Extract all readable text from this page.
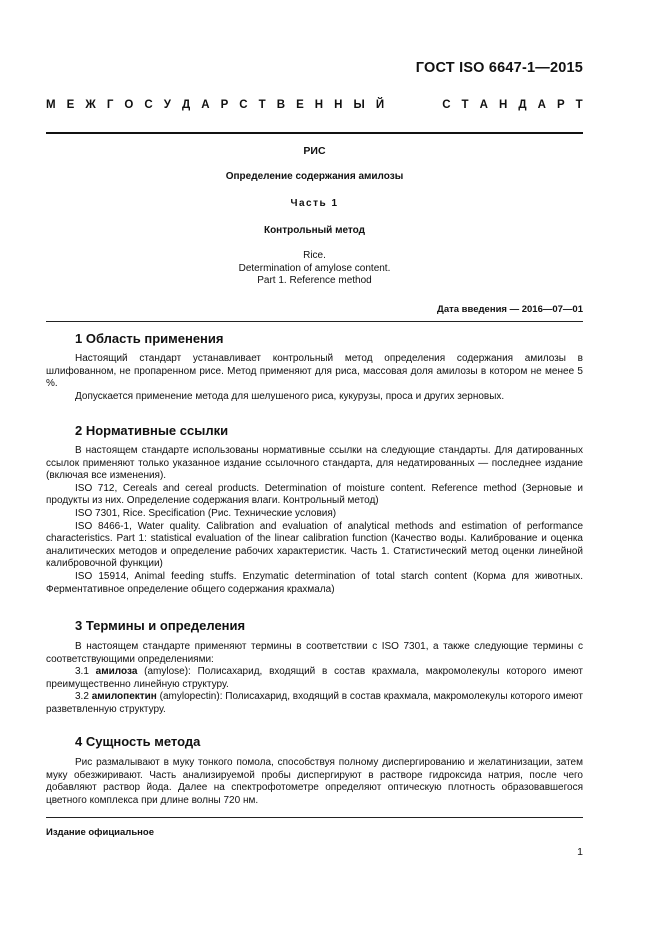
ГОСТ ISO 6647-1—2015
М Е Ж Г О С У Д А Р С Т В Е Н Н Ы Й	С Т А Н Д А Р Т
РИС
Определение содержания амилозы
Часть 1
Контрольный метод
Rice.
Determination of amylose content.
Part 1. Reference method
Дата введения — 2016—07—01
1 Область применения

Настоящий стандарт устанавливает контрольный метод определения содержания амилозы в шлифованном, не пропаренном рисе. Метод применяют для риса, массовая доля амилозы в котором не менее 5 %.

Допускается применение метода для шелушеного риса, кукурузы, проса и других зерновых.

2 Нормативные ссылки

В настоящем стандарте использованы нормативные ссылки на следующие стандарты. Для датированных ссылок применяют только указанное издание ссылочного стандарта, для недатированных — последнее издание (включая все изменения).

ISO 712, Cereals and cereal products. Determination of moisture content. Reference method (Зерновые и продукты из них. Определение содержания влаги. Контрольный метод)

ISO 7301, Rice. Specification (Рис. Технические условия)

ISO 8466-1, Water quality. Calibration and evaluation of analytical methods and estimation of performance characteristics. Part 1: statistical evaluation of the linear calibration function (Качество воды. Калибрование и оценка аналитических методов и определение рабочих характеристик. Часть 1. Статистический метод оценки линейной калибровочной функции)

ISO 15914, Animal feeding stuffs. Enzymatic determination of total starch content (Корма для животных. Ферментативное определение общего содержания крахмала)

3 Термины и определения

В настоящем стандарте применяют термины в соответствии с ISO 7301, а также следующие термины с соответствующими определениями:

3.1 амилоза (amylose): Полисахарид, входящий в состав крахмала, макромолекулы которого имеют преимущественно линейную структуру.

3.2 амилопектин (amylopectin): Полисахарид, входящий в состав крахмала, макромолекулы которого имеют разветвленную структуру.

4 Сущность метода

Рис размалывают в муку тонкого помола, способствуя полному диспергированию и желатинизации, затем муку обезжиривают. Часть анализируемой пробы диспергируют в растворе гидроксида натрия, после чего добавляют раствор йода. Далее на спектрофотометре определяют оптическую плотность образовавшегося цветного комплекса при длине волны 720 нм.

Издание официальное
1
